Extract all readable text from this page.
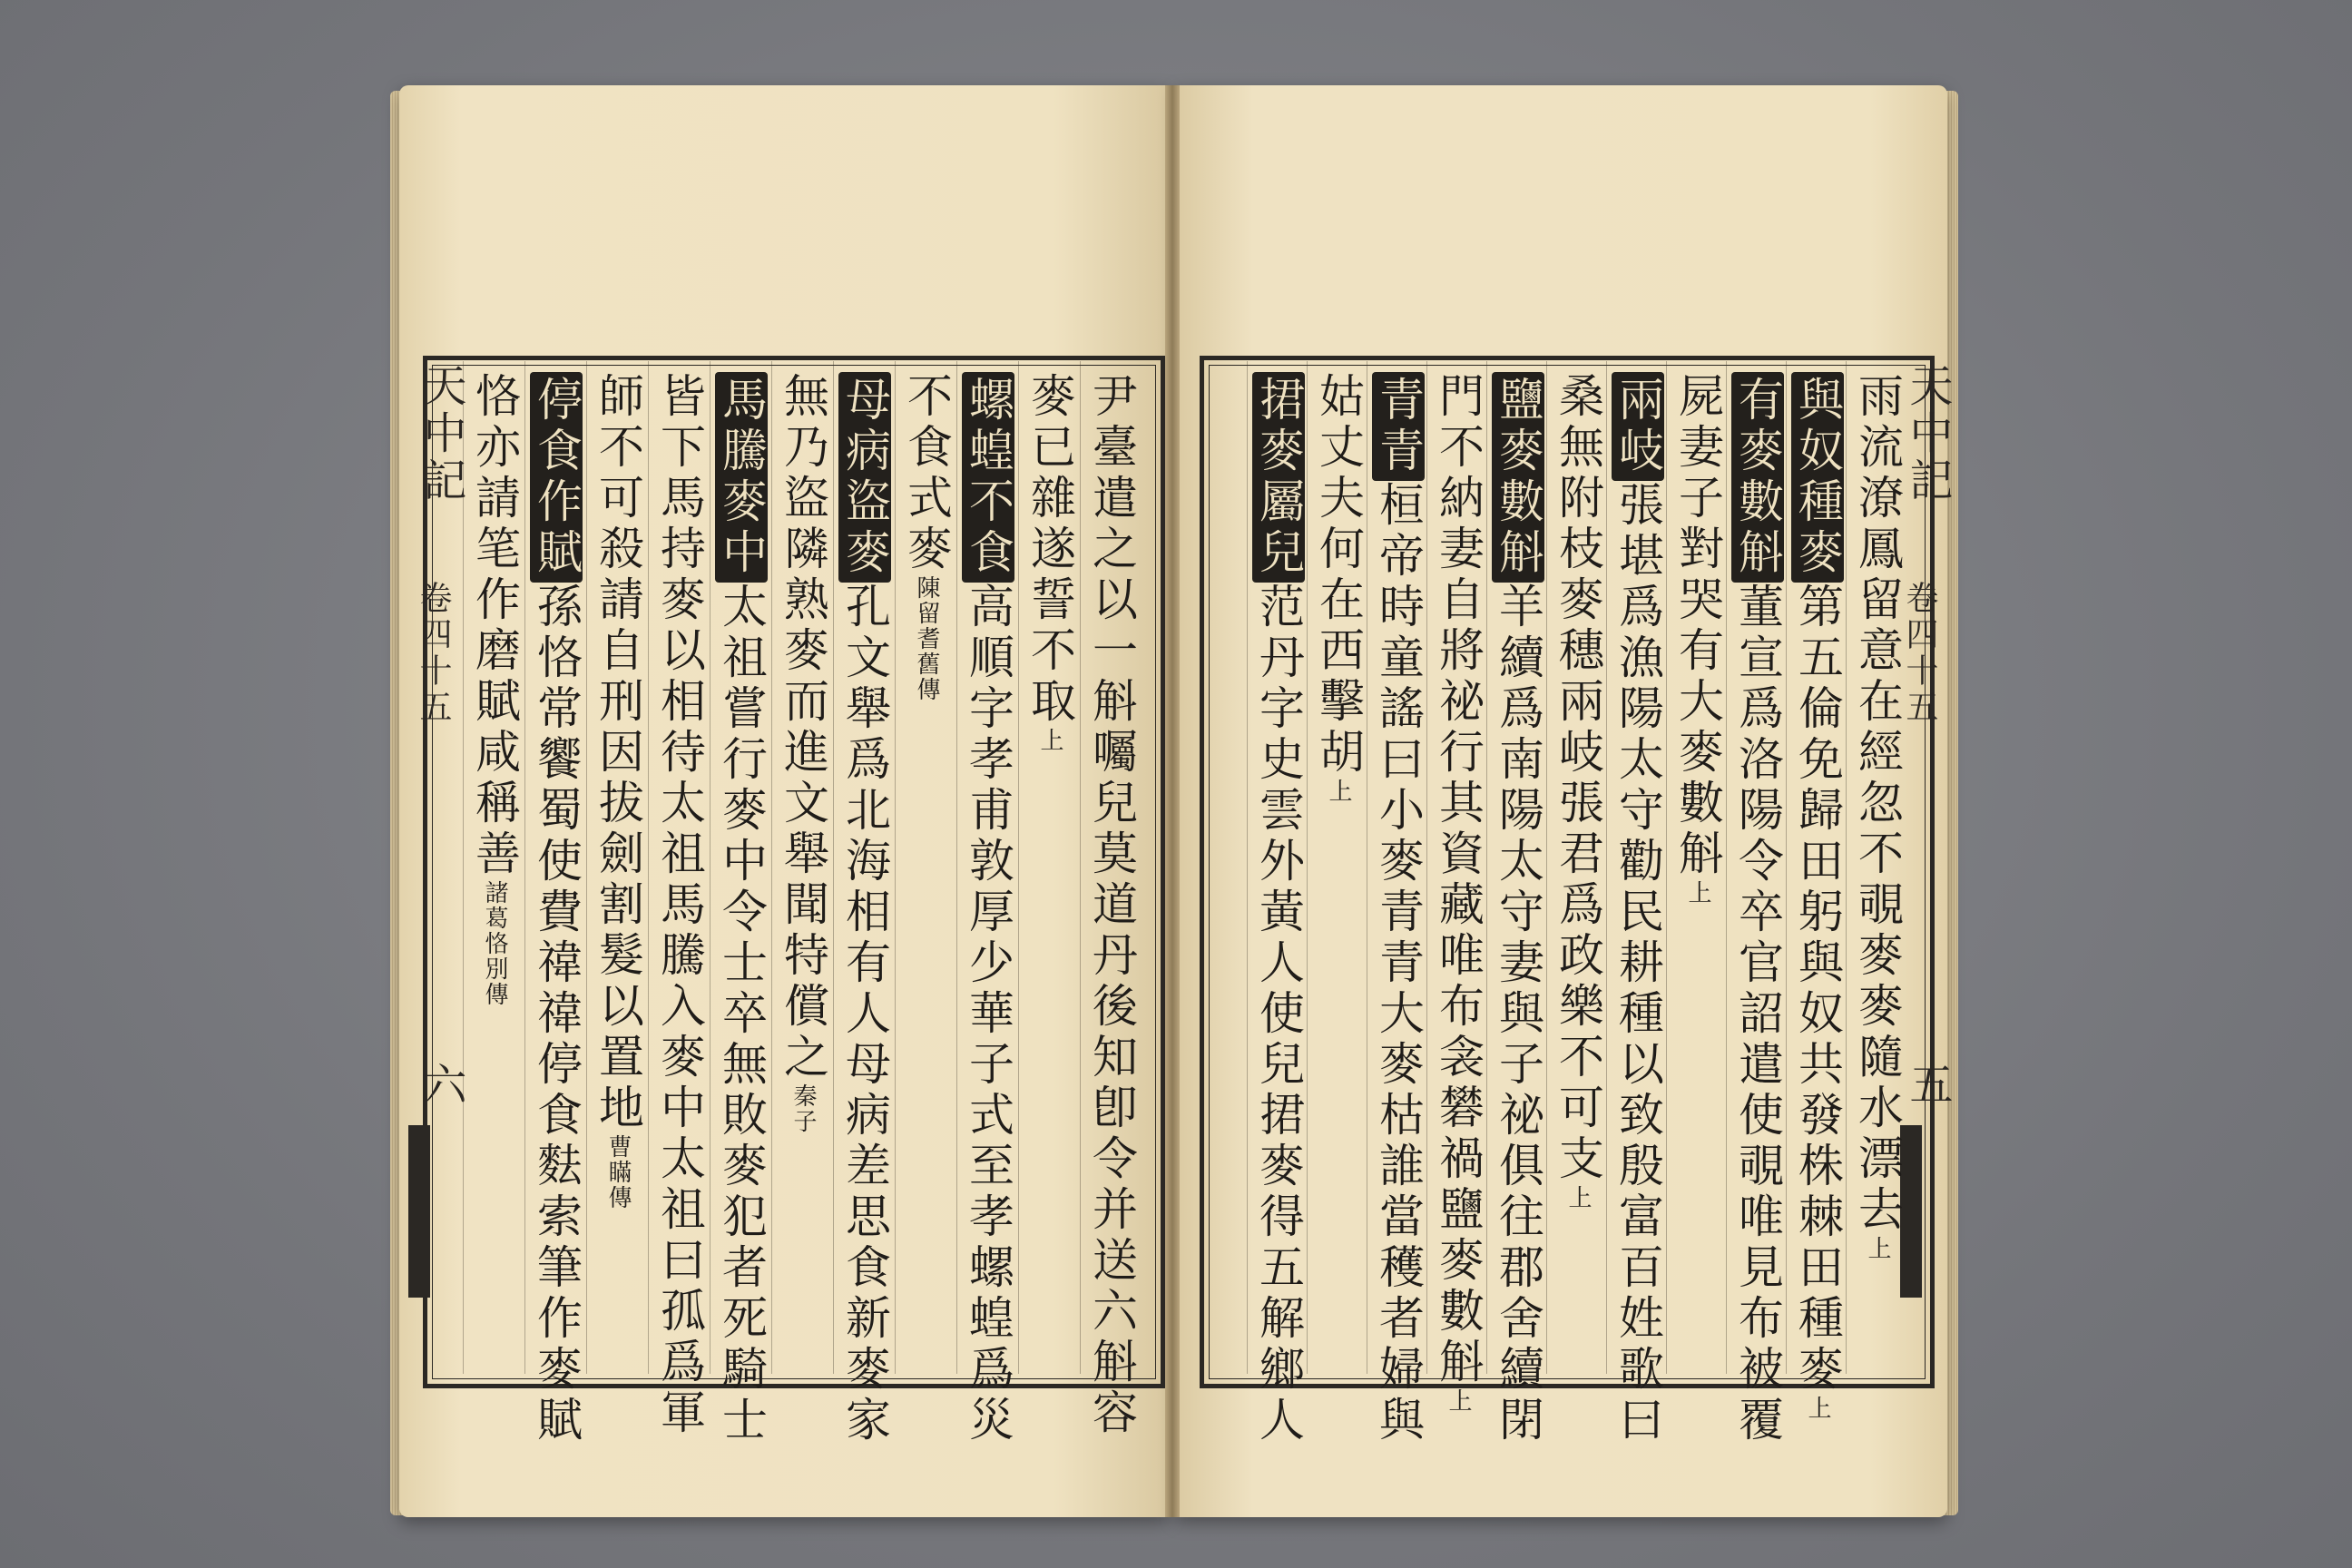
天中記
卷四十五
六
天中記
卷四十五
五
尹臺遣之以一斛囑兒莫道丹後知卽令并送六斛容
麥已雜遂誓不取上
螺蝗不食高順字孝甫敦厚少華子式至孝螺蝗爲災
不食式麥陳留耆舊傳
母病盜麥孔文舉爲北海相有人母病差思食新麥家
無乃盜隣熟麥而進文舉聞特償之秦子
馬騰麥中太祖嘗行麥中令士卒無敗麥犯者死騎士
皆下馬持麥以相待太祖馬騰入麥中太祖曰孤爲軍
師不可殺請自刑因拔劍割髮以置地曹瞞傳
停食作賦孫恪常饗蜀使費禕禕停食麮索筆作麥賦
恪亦請笔作磨賦咸稱善諸葛恪別傳	雨流潦鳳留意在經忽不覗麥麥隨水漂去上
與奴種麥第五倫免歸田躬與奴共發株棘田種麥上
有麥數斛董宣爲洛陽令卒官詔遣使覗唯見布被覆
屍妻子對哭有大麥數斛上
兩岐張堪爲漁陽太守勸民耕種以致殷富百姓歌曰
桑無附枝麥穗兩岐張君爲政樂不可支上
鹽麥數斛羊續爲南陽太守妻與子祕俱往郡舍續閉
門不納妻自將祕行其資藏唯布衾礬禍鹽麥數斛上
青青桓帝時童謠曰小麥青青大麥枯誰當穫者婦與
姑丈夫何在西擊胡上
捃麥屬兒范丹字史雲外黃人使兒捃麥得五解鄉人
